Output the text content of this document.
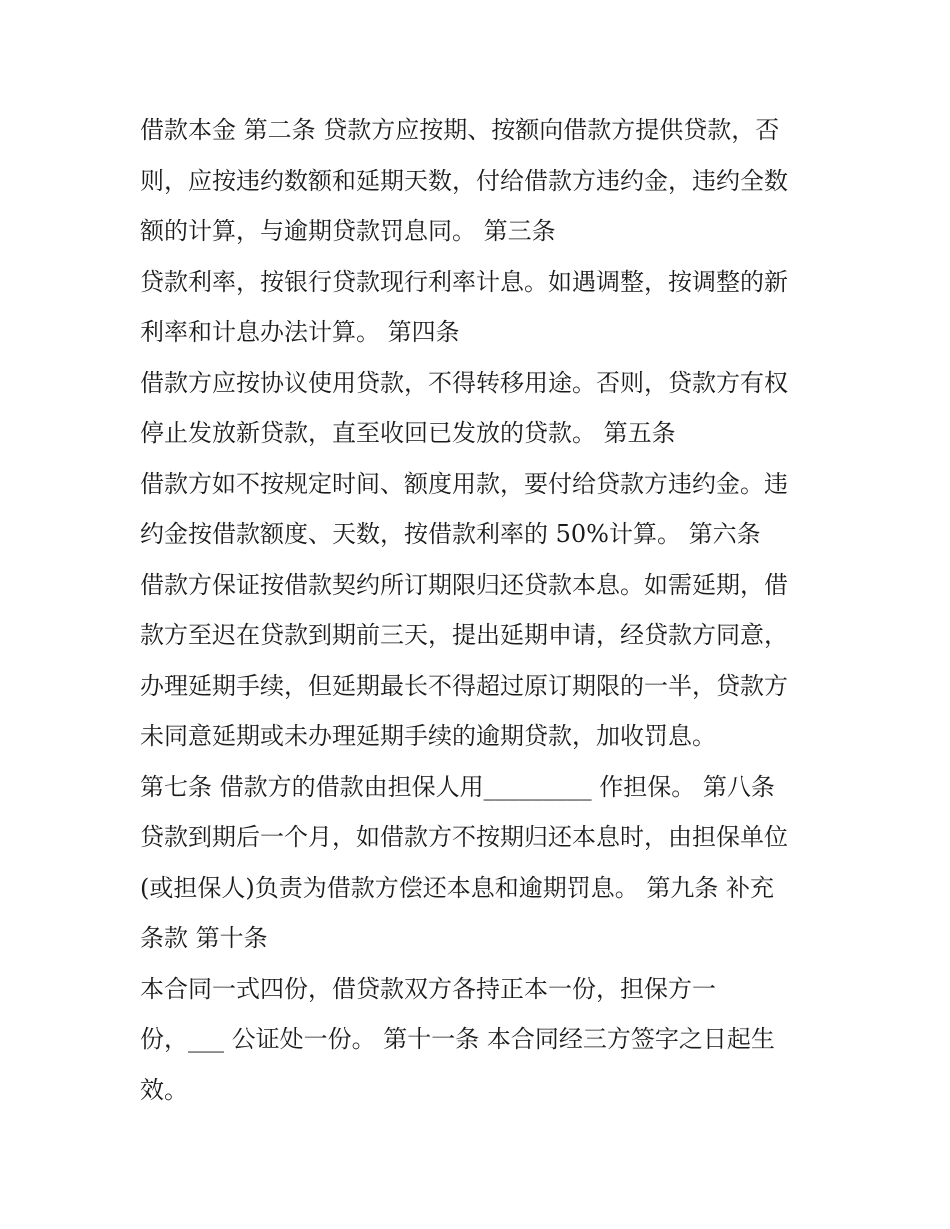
借款本金 第二条 贷款方应按期、按额向借款方提供贷款，否
则，应按违约数额和延期天数，付给借款方违约金，违约全数
额的计算，与逾期贷款罚息同。 第三条
贷款利率，按银行贷款现行利率计息。如遇调整，按调整的新
利率和计息办法计算。 第四条
借款方应按协议使用贷款，不得转移用途。否则，贷款方有权
停止发放新贷款，直至收回已发放的贷款。 第五条
借款方如不按规定时间、额度用款，要付给贷款方违约金。违
约金按借款额度、天数，按借款利率的 50%计算。 第六条
借款方保证按借款契约所订期限归还贷款本息。如需延期，借
款方至迟在贷款到期前三天，提出延期申请，经贷款方同意，
办理延期手续，但延期最长不得超过原订期限的一半，贷款方
未同意延期或未办理延期手续的逾期贷款，加收罚息。
第七条 借款方的借款由担保人用_________ 作担保。 第八条
贷款到期后一个月，如借款方不按期归还本息时，由担保单位
(或担保人)负责为借款方偿还本息和逾期罚息。 第九条 补充
条款 第十条
本合同一式四份，借贷款双方各持正本一份，担保方一
份，___ 公证处一份。 第十一条 本合同经三方签字之日起生
效。
